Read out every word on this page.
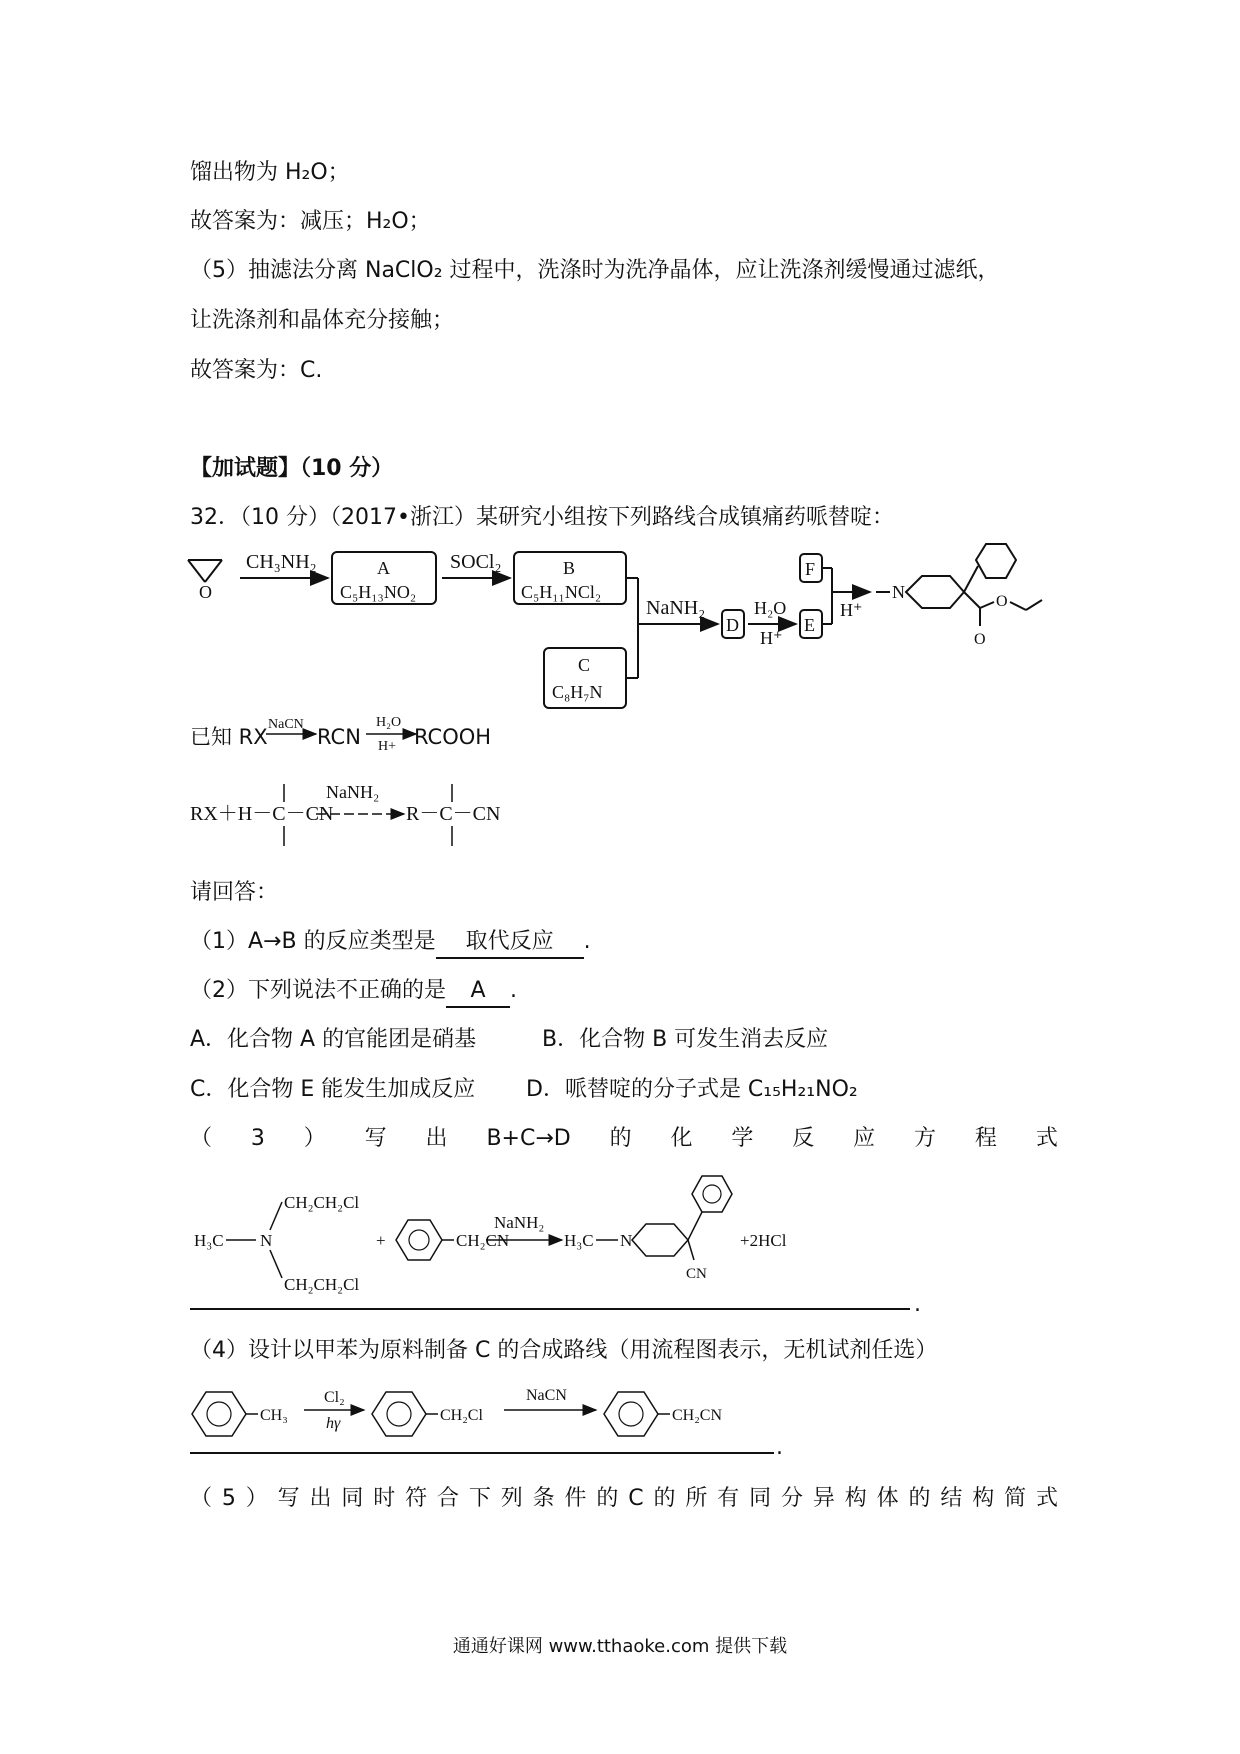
馏出物为 H₂O；
故答案为：减压；H₂O；
（5）抽滤法分离 NaClO₂ 过程中，洗涤时为洗净晶体，应让洗涤剂缓慢通过滤纸，
让洗涤剂和晶体充分接触；
故答案为：C.
【加试题】（10 分）
32．（10 分）（2017•浙江）某研究小组按下列路线合成镇痛药哌替啶：
O
CH₃NH₂	A
C₅H₁₃NO₂
SOCl₂	B
C₅H₁₁NCl₂
C
C₈H₇N
NaNH₂
D
H₂O
H⁺
E
F
H⁺
N
O
O
已知 RX
NaCN
RCN
H₂O
H+ RCOOH
RX＋H－C－CN
NaNH₂
R－C－CN
请回答：
（1）A→B 的反应类型是 取代反应 .
（2）下列说法不正确的是 A .
A．化合物 A 的官能团是硝基	B．化合物 B 可发生消去反应
C．化合物 E 能发生加成反应 D．哌替啶的分子式是 C₁₅H₂₁NO₂
（ 3 ） 写 出 B+C→D 的 化 学 反 应 方 程 式
H₃C N
CH₂CH₂Cl
CH₂CH₂Cl
+	CH₂CN
NaNH₂
H₃C N
CN
+2HCl
.
（4）设计以甲苯为原料制备 C 的合成路线（用流程图表示，无机试剂任选）
CH₃
Cl₂
hγ	CH₂Cl
NaCN
CH₂CN
.
（ 5 ） 写 出 同 时 符 合 下 列 条 件 的 C 的 所 有 同 分 异 构 体 的 结 构 简 式
通通好课网 www.tthaoke.com 提供下载
